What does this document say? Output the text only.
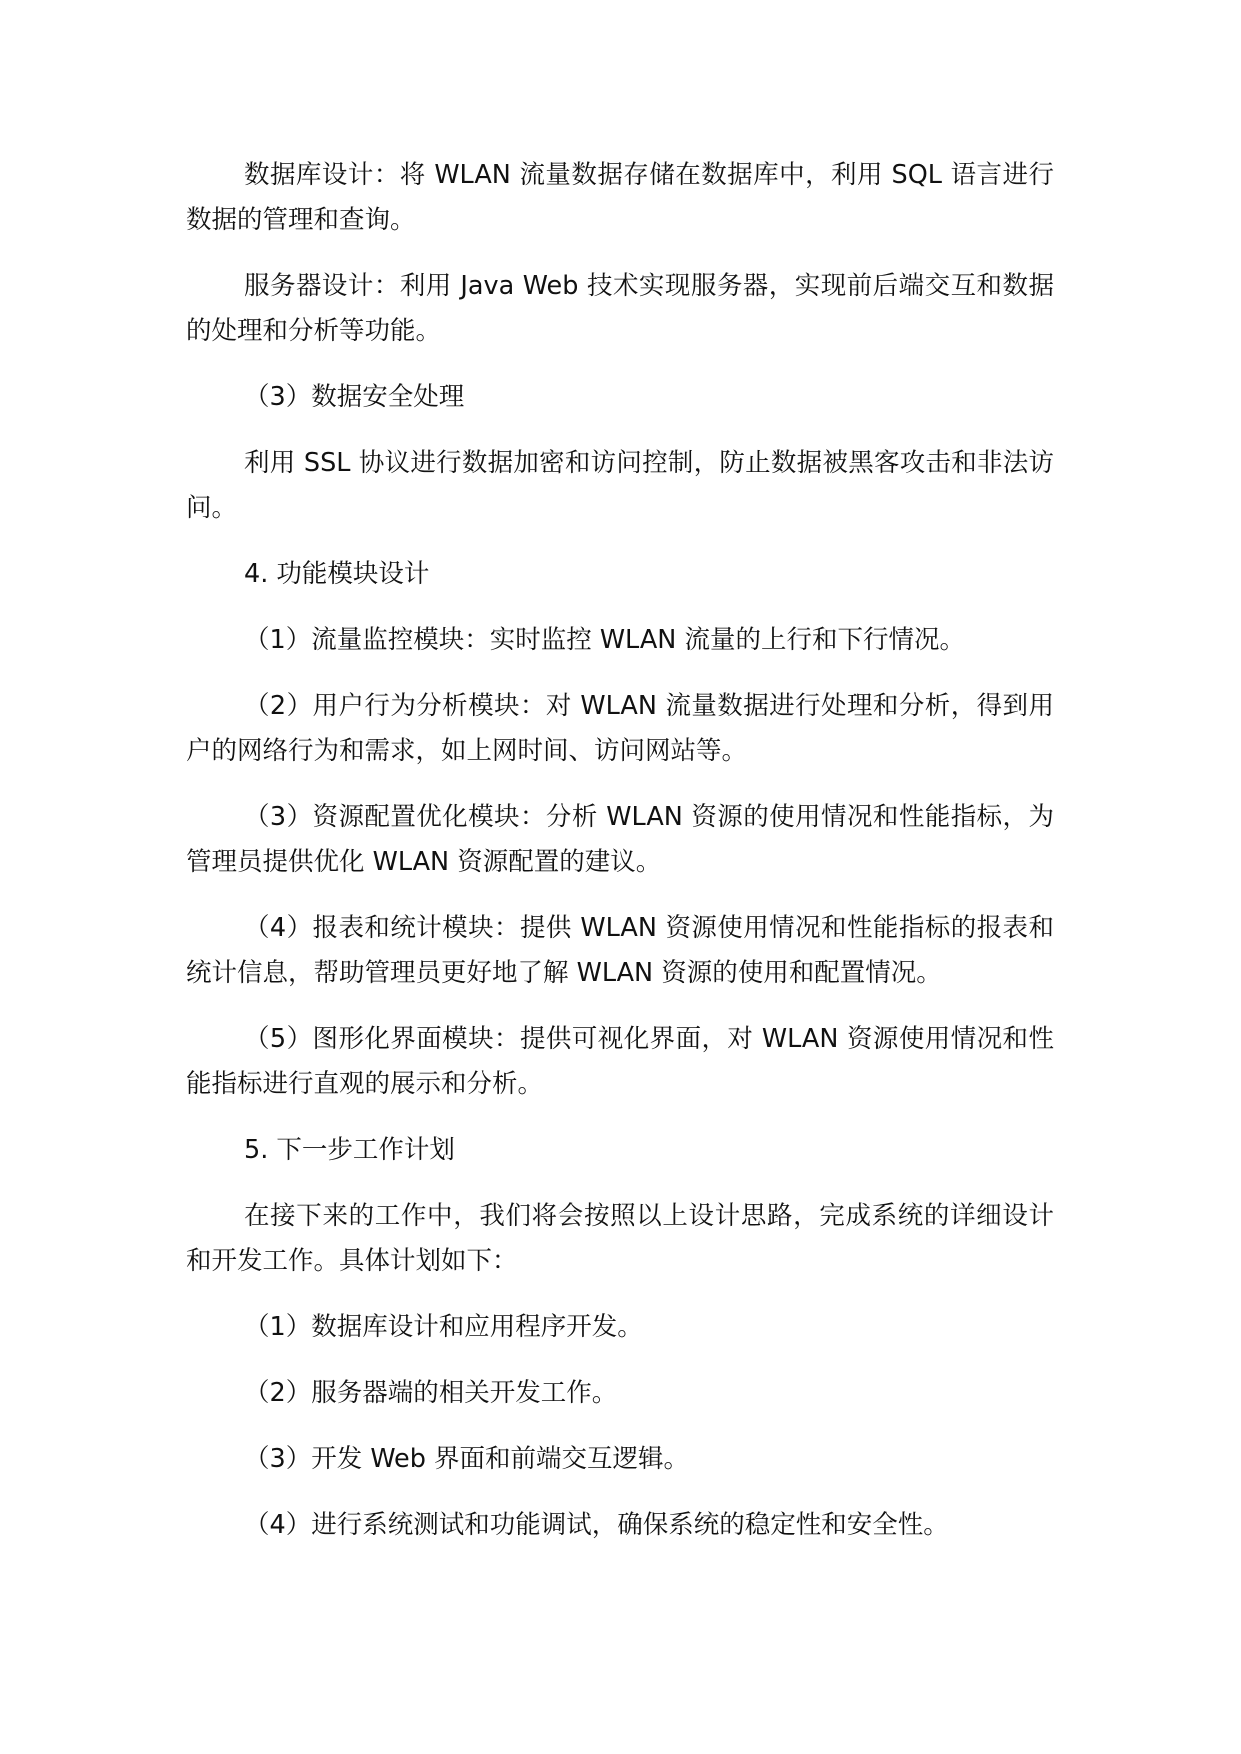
数据库设计：将 WLAN 流量数据存储在数据库中，利用 SQL 语言进行数据的管理和查询。

服务器设计：利用 Java Web 技术实现服务器，实现前后端交互和数据的处理和分析等功能。

（3）数据安全处理

利用 SSL 协议进行数据加密和访问控制，防止数据被黑客攻击和非法访问。

4. 功能模块设计

（1）流量监控模块：实时监控 WLAN 流量的上行和下行情况。

（2）用户行为分析模块：对 WLAN 流量数据进行处理和分析，得到用户的网络行为和需求，如上网时间、访问网站等。

（3）资源配置优化模块：分析 WLAN 资源的使用情况和性能指标，为管理员提供优化 WLAN 资源配置的建议。

（4）报表和统计模块：提供 WLAN 资源使用情况和性能指标的报表和统计信息，帮助管理员更好地了解 WLAN 资源的使用和配置情况。

（5）图形化界面模块：提供可视化界面，对 WLAN 资源使用情况和性能指标进行直观的展示和分析。

5. 下一步工作计划

在接下来的工作中，我们将会按照以上设计思路，完成系统的详细设计和开发工作。具体计划如下：

（1）数据库设计和应用程序开发。

（2）服务器端的相关开发工作。

（3）开发 Web 界面和前端交互逻辑。

（4）进行系统测试和功能调试，确保系统的稳定性和安全性。
